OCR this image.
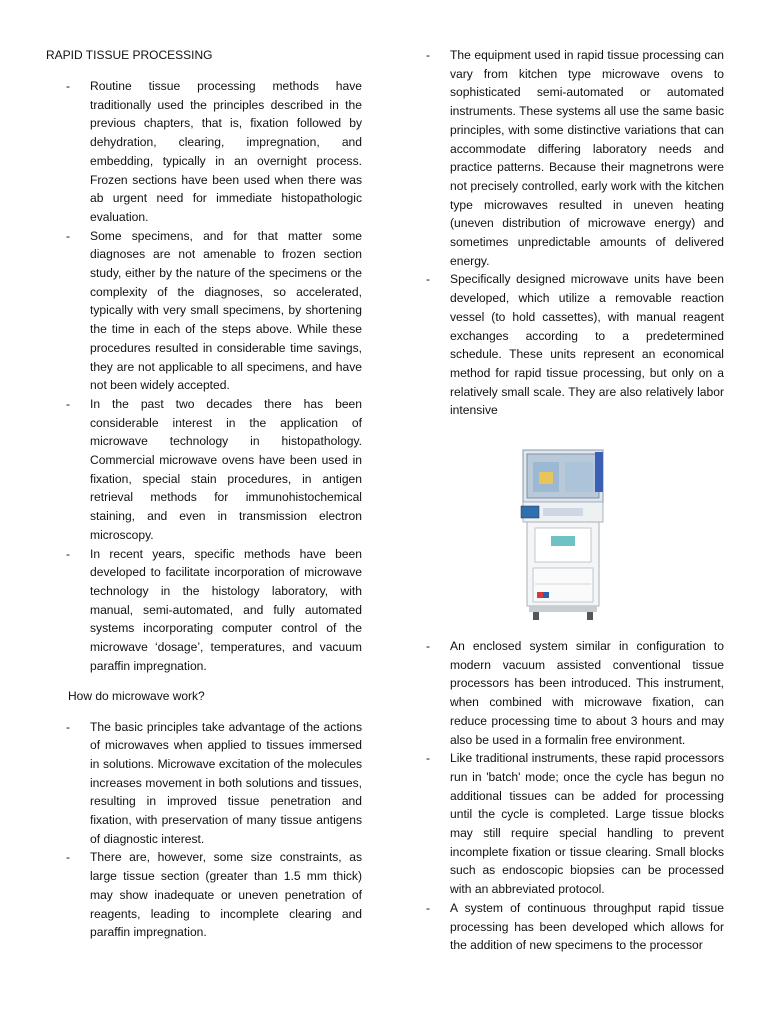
RAPID TISSUE PROCESSING
- Routine tissue processing methods have traditionally used the principles described in the previous chapters, that is, fixation followed by dehydration, clearing, impregnation, and embedding, typically in an overnight process. Frozen sections have been used when there was ab urgent need for immediate histopathologic evaluation.
- Some specimens, and for that matter some diagnoses are not amenable to frozen section study, either by the nature of the specimens or the complexity of the diagnoses, so accelerated, typically with very small specimens, by shortening the time in each of the steps above. While these procedures resulted in considerable time savings, they are not applicable to all specimens, and have not been widely accepted.
- In the past two decades there has been considerable interest in the application of microwave technology in histopathology. Commercial microwave ovens have been used in fixation, special stain procedures, in antigen retrieval methods for immunohistochemical staining, and even in transmission electron microscopy.
- In recent years, specific methods have been developed to facilitate incorporation of microwave technology in the histology laboratory, with manual, semi-automated, and fully automated systems incorporating computer control of the microwave ‘dosage’, temperatures, and vacuum paraffin impregnation.
How do microwave work?
- The basic principles take advantage of the actions of microwaves when applied to tissues immersed in solutions. Microwave excitation of the molecules increases movement in both solutions and tissues, resulting in improved tissue penetration and fixation, with preservation of many tissue antigens of diagnostic interest.
- There are, however, some size constraints, as large tissue section (greater than 1.5 mm thick) may show inadequate or uneven penetration of reagents, leading to incomplete clearing and paraffin impregnation.
- The equipment used in rapid tissue processing can vary from kitchen type microwave ovens to sophisticated semi-automated or automated instruments. These systems all use the same basic principles, with some distinctive variations that can accommodate differing laboratory needs and practice patterns. Because their magnetrons were not precisely controlled, early work with the kitchen type microwaves resulted in uneven heating (uneven distribution of microwave energy) and sometimes unpredictable amounts of delivered energy.
- Specifically designed microwave units have been developed, which utilize a removable reaction vessel (to hold cassettes), with manual reagent exchanges according to a predetermined schedule. These units represent an economical method for rapid tissue processing, but only on a relatively small scale. They are also relatively labor intensive
- An enclosed system similar in configuration to modern vacuum assisted conventional tissue processors has been introduced. This instrument, when combined with microwave fixation, can reduce processing time to about 3 hours and may also be used in a formalin free environment.
- Like traditional instruments, these rapid processors run in 'batch' mode; once the cycle has begun no additional tissues can be added for processing until the cycle is completed. Large tissue blocks may still require special handling to prevent incomplete fixation or tissue clearing. Small blocks such as endoscopic biopsies can be processed with an abbreviated protocol.
- A system of continuous throughput rapid tissue processing has been developed which allows for the addition of new specimens to the processor
